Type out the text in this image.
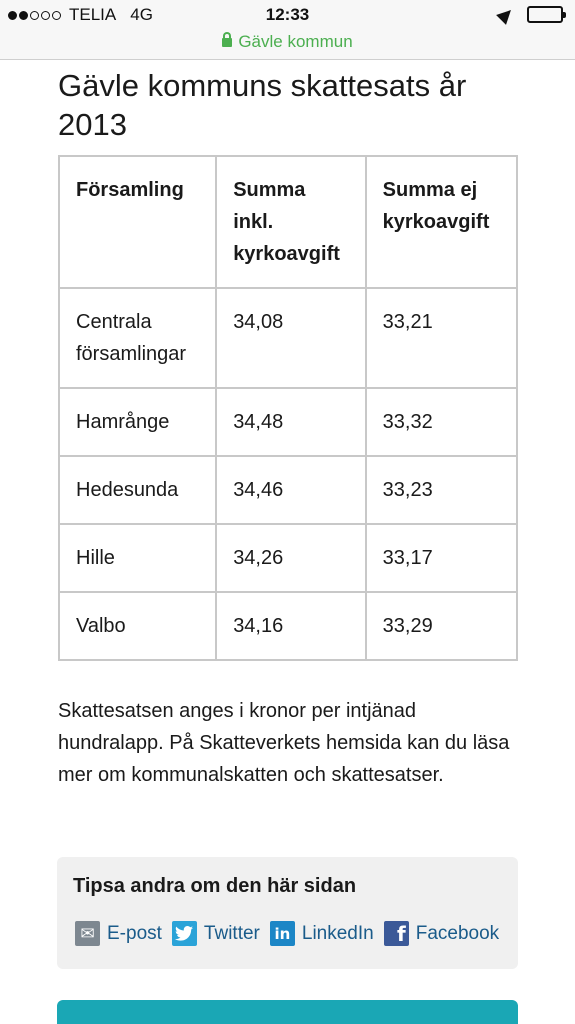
TELIA 4G	12:33
Gävle kommun
Gävle kommuns skattesats år 2013
Församling	Summa inkl. kyrkoavgift	Summa ej kyrkoavgift
Centrala församlingar	34,08	33,21
Hamrånge	34,48	33,32
Hedesunda	34,46	33,23
Hille	34,26	33,17
Valbo	34,16	33,29

Skattesatsen anges i kronor per intjänad hundralapp. På Skatteverkets hemsida kan du läsa mer om kommunalskatten och skattesatser.

Tipsa andra om den här sidan
✉ E-post Twitter in LinkedIn	f Facebook
